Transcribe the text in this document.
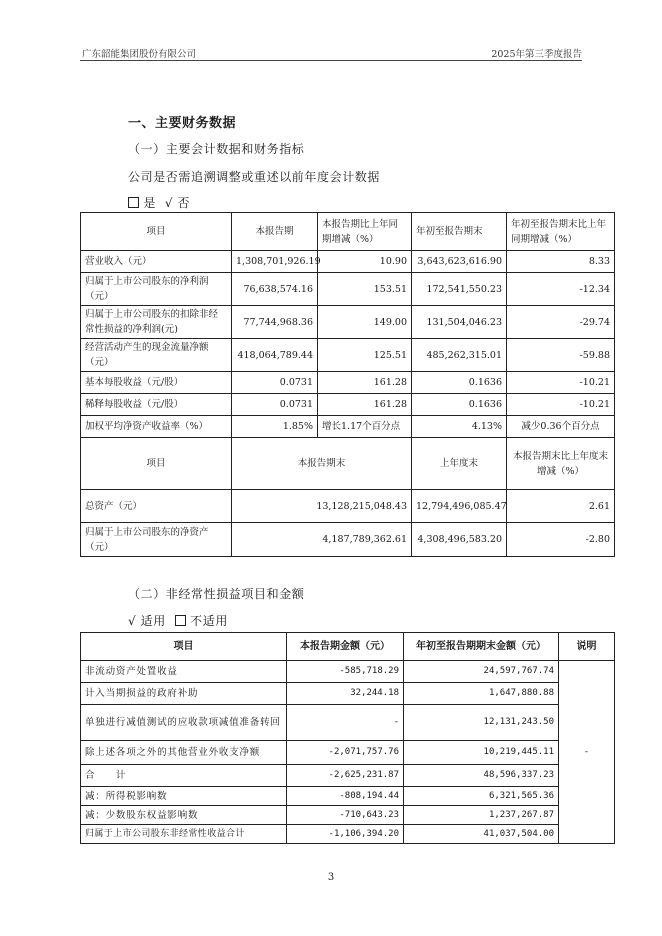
广东韶能集团股份有限公司	2025年第三季度报告
一、主要财务数据
（一）主要会计数据和财务指标
公司是否需追溯调整或重述以前年度会计数据
是 √ 否
项目	本报告期	本报告期比上年同期增减（%）	年初至报告期末	年初至报告期末比上年同期增减（%）
营业收入（元）	1,308,701,926.19	10.90	3,643,623,616.90	8.33
归属于上市公司股东的净利润（元）	76,638,574.16	153.51	172,541,550.23	-12.34
归属于上市公司股东的扣除非经常性损益的净利润(元)	77,744,968.36	149.00	131,504,046.23	-29.74
经营活动产生的现金流量净额（元）	418,064,789.44	125.51	485,262,315.01	-59.88
基本每股收益（元/股）	0.0731	161.28	0.1636	-10.21
稀释每股收益（元/股）	0.0731	161.28	0.1636	-10.21
加权平均净资产收益率（%）	1.85%	增长1.17个百分点	4.13%	减少0.36个百分点
项目	本报告期末		上年度末	本报告期末比上年度末增减（%）
总资产（元）	13,128,215,048.43		12,794,496,085.47	2.61
归属于上市公司股东的净资产（元）	4,187,789,362.61		4,308,496,583.20	-2.80
（二）非经常性损益项目和金额
√ 适用 不适用
项目	本报告期金额（元）	年初至报告期期末金额（元）	说明
非流动资产处置收益	-585,718.29	24,597,767.74	-
计入当期损益的政府补助	32,244.18	1,647,880.88	
单独进行减值测试的应收款项减值准备转回	-	12,131,243.50	
除上述各项之外的其他营业外收支净额	-2,071,757.76	10,219,445.11	
合　　计	-2,625,231.87	48,596,337.23	
减：所得税影响数	-808,194.44	6,321,565.36	
减：少数股东权益影响数	-710,643.23	1,237,267.87	
归属于上市公司股东非经常性收益合计	-1,106,394.20	41,037,504.00	
3
